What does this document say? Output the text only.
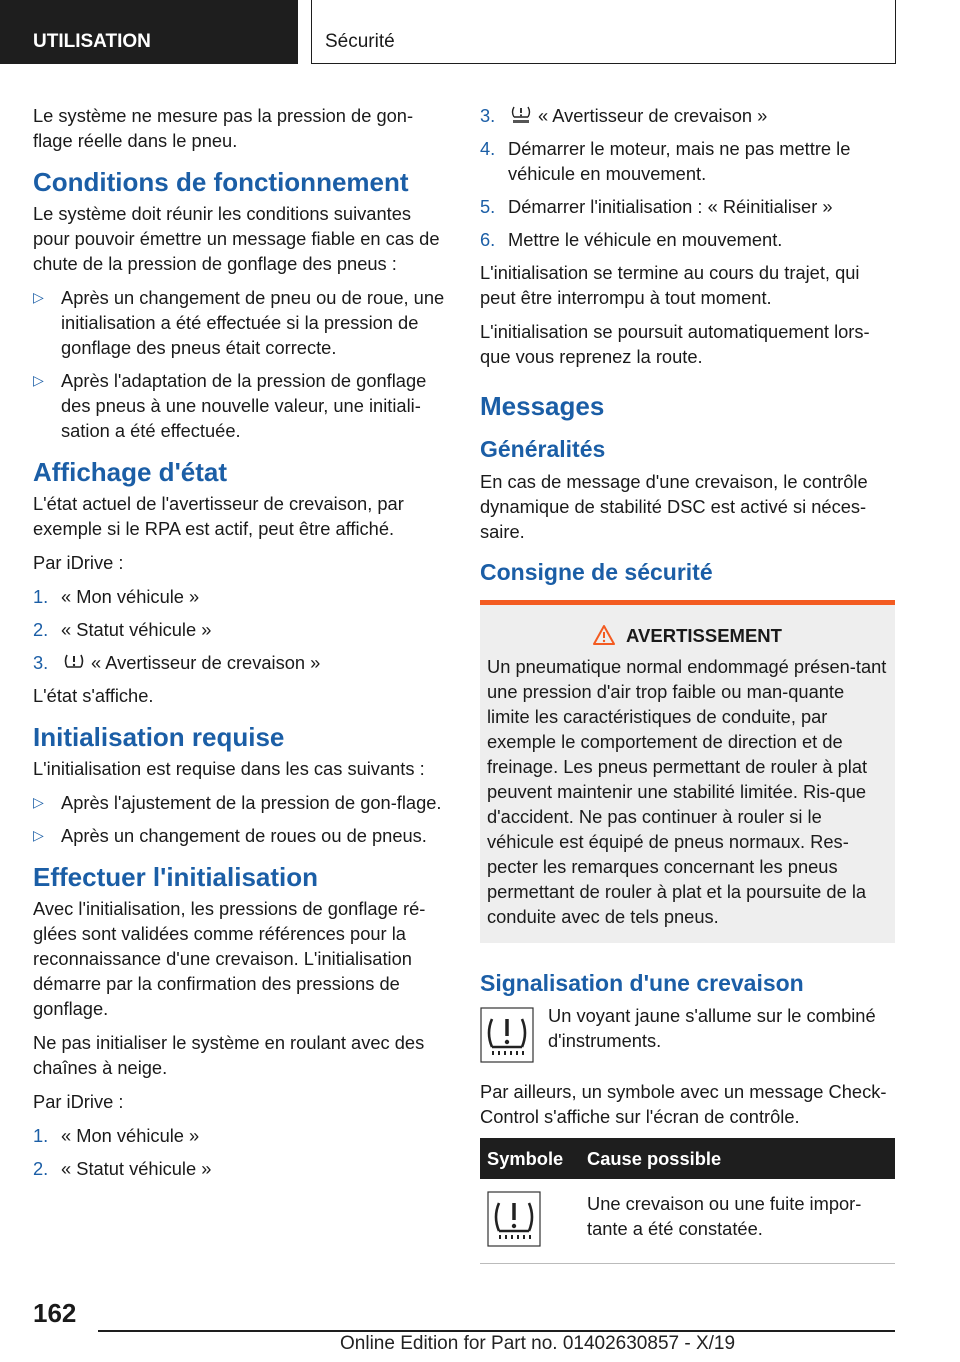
UTILISATION	Sécurité

Le système ne mesure pas la pression de gon-flage réelle dans le pneu.

Conditions de fonctionnement

Le système doit réunir les conditions suivantes pour pouvoir émettre un message fiable en cas de chute de la pression de gonflage des pneus :

▷ Après un changement de pneu ou de roue, une initialisation a été effectuée si la pression de gonflage des pneus était correcte.
▷ Après l'adaptation de la pression de gonflage des pneus à une nouvelle valeur, une initiali-sation a été effectuée.
Affichage d'état

L'état actuel de l'avertisseur de crevaison, par exemple si le RPA est actif, peut être affiché.

Par iDrive :

1. « Mon véhicule »
2. « Statut véhicule »
3. « Avertisseur de crevaison »

L'état s'affiche.

Initialisation requise

L'initialisation est requise dans les cas suivants :

▷ Après l'ajustement de la pression de gon-flage.
▷ Après un changement de roues ou de pneus.
Effectuer l'initialisation

Avec l'initialisation, les pressions de gonflage ré-glées sont validées comme références pour la reconnaissance d'une crevaison. L'initialisation démarre par la confirmation des pressions de gonflage.

Ne pas initialiser le système en roulant avec des chaînes à neige.

Par iDrive :

1. « Mon véhicule »
2. « Statut véhicule »
3. « Avertisseur de crevaison »
4. Démarrer le moteur, mais ne pas mettre le véhicule en mouvement.
5. Démarrer l'initialisation : « Réinitialiser »
6. Mettre le véhicule en mouvement.

L'initialisation se termine au cours du trajet, qui peut être interrompu à tout moment.

L'initialisation se poursuit automatiquement lors-que vous reprenez la route.

Messages
Généralités

En cas de message d'une crevaison, le contrôle dynamique de stabilité DSC est activé si néces-saire.

Consigne de sécurité
AVERTISSEMENT
Un pneumatique normal endommagé présen-tant une pression d'air trop faible ou man-quante limite les caractéristiques de conduite, par exemple le comportement de direction et de freinage. Les pneus permettant de rouler à plat peuvent maintenir une stabilité limitée. Ris-que d'accident. Ne pas continuer à rouler si le véhicule est équipé de pneus normaux. Res-pecter les remarques concernant les pneus permettant de rouler à plat et la poursuite de la conduite avec de tels pneus.
Signalisation d'une crevaison
Un voyant jaune s'allume sur le combiné d'instruments.

Par ailleurs, un symbole avec un message Check-Control s'affiche sur l'écran de contrôle.

Symbole	Cause possible
	Une crevaison ou une fuite impor-tante a été constatée.
162
Online Edition for Part no. 01402630857 - X/19
